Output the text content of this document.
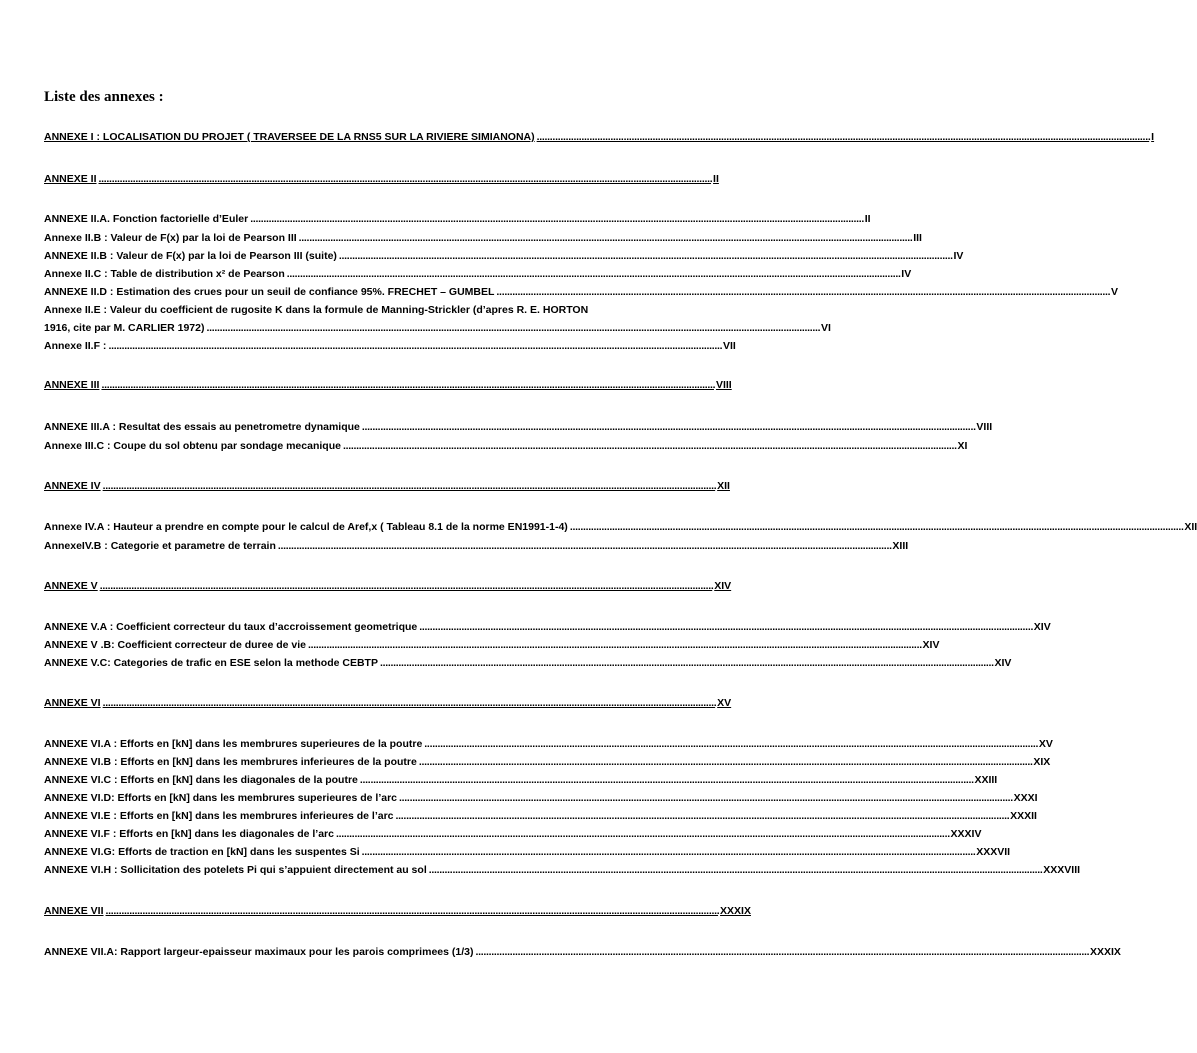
Liste des annexes :
ANNEXE I : LOCALISATION DU PROJET ( TRAVERSEE DE LA RNS5 SUR LA RIVIERE SIMIANONA) . . .	I
ANNEXE II . . .	II
ANNEXE II.A. Fonction factorielle d’Euler . . .	II
Annexe II.B : Valeur de F(x) par la loi de Pearson III . . .	III
ANNEXE II.B : Valeur de F(x) par la loi de Pearson III (suite) . . .	IV
Annexe II.C : Table de distribution x² de Pearson . . .	IV
ANNEXE II.D : Estimation des crues pour un seuil de confiance 95%. FRECHET – GUMBEL . . .	V
Annexe II.E : Valeur du coefficient de rugosite K dans la formule de Manning-Strickler (d’apres R. E. HORTON
1916, cite par M. CARLIER 1972) . . .	VI
Annexe II.F : . . .	VII
ANNEXE III . . .	VIII
ANNEXE III.A : Resultat des essais au penetrometre dynamique . . .	VIII
Annexe III.C : Coupe du sol obtenu par sondage mecanique . . .	XI
ANNEXE IV . . .	XII
Annexe IV.A : Hauteur a prendre en compte pour le calcul de Aref,x ( Tableau 8.1 de la norme EN1991-1-4) . . .	XII
AnnexeIV.B : Categorie et parametre de terrain . . .	XIII
ANNEXE V . . .	XIV
ANNEXE V.A : Coefficient correcteur du taux d’accroissement geometrique . . .	XIV
ANNEXE V .B: Coefficient correcteur de duree de vie . . .	XIV
ANNEXE V.C: Categories de trafic en ESE selon la methode CEBTP . . .	XIV
ANNEXE VI . . .	XV
ANNEXE VI.A : Efforts en [kN] dans les membrures superieures de la poutre . . .	XV
ANNEXE VI.B : Efforts en [kN] dans les membrures inferieures de la poutre . . .	XIX
ANNEXE VI.C : Efforts en [kN] dans les diagonales de la poutre . . .	XXIII
ANNEXE VI.D: Efforts en [kN] dans les membrures superieures de l’arc . . .	XXXI
ANNEXE VI.E : Efforts en [kN] dans les membrures inferieures de l’arc . . .	XXXII
ANNEXE VI.F : Efforts en [kN] dans les diagonales de l’arc . . .	XXXIV
ANNEXE VI.G: Efforts de traction en [kN] dans les suspentes Si . . .	XXXVII
ANNEXE VI.H : Sollicitation des potelets Pi qui s’appuient directement au sol . . .	XXXVIII
ANNEXE VII . . .	XXXIX
ANNEXE VII.A: Rapport largeur-epaisseur maximaux pour les parois comprimees (1/3) . . .	XXXIX
